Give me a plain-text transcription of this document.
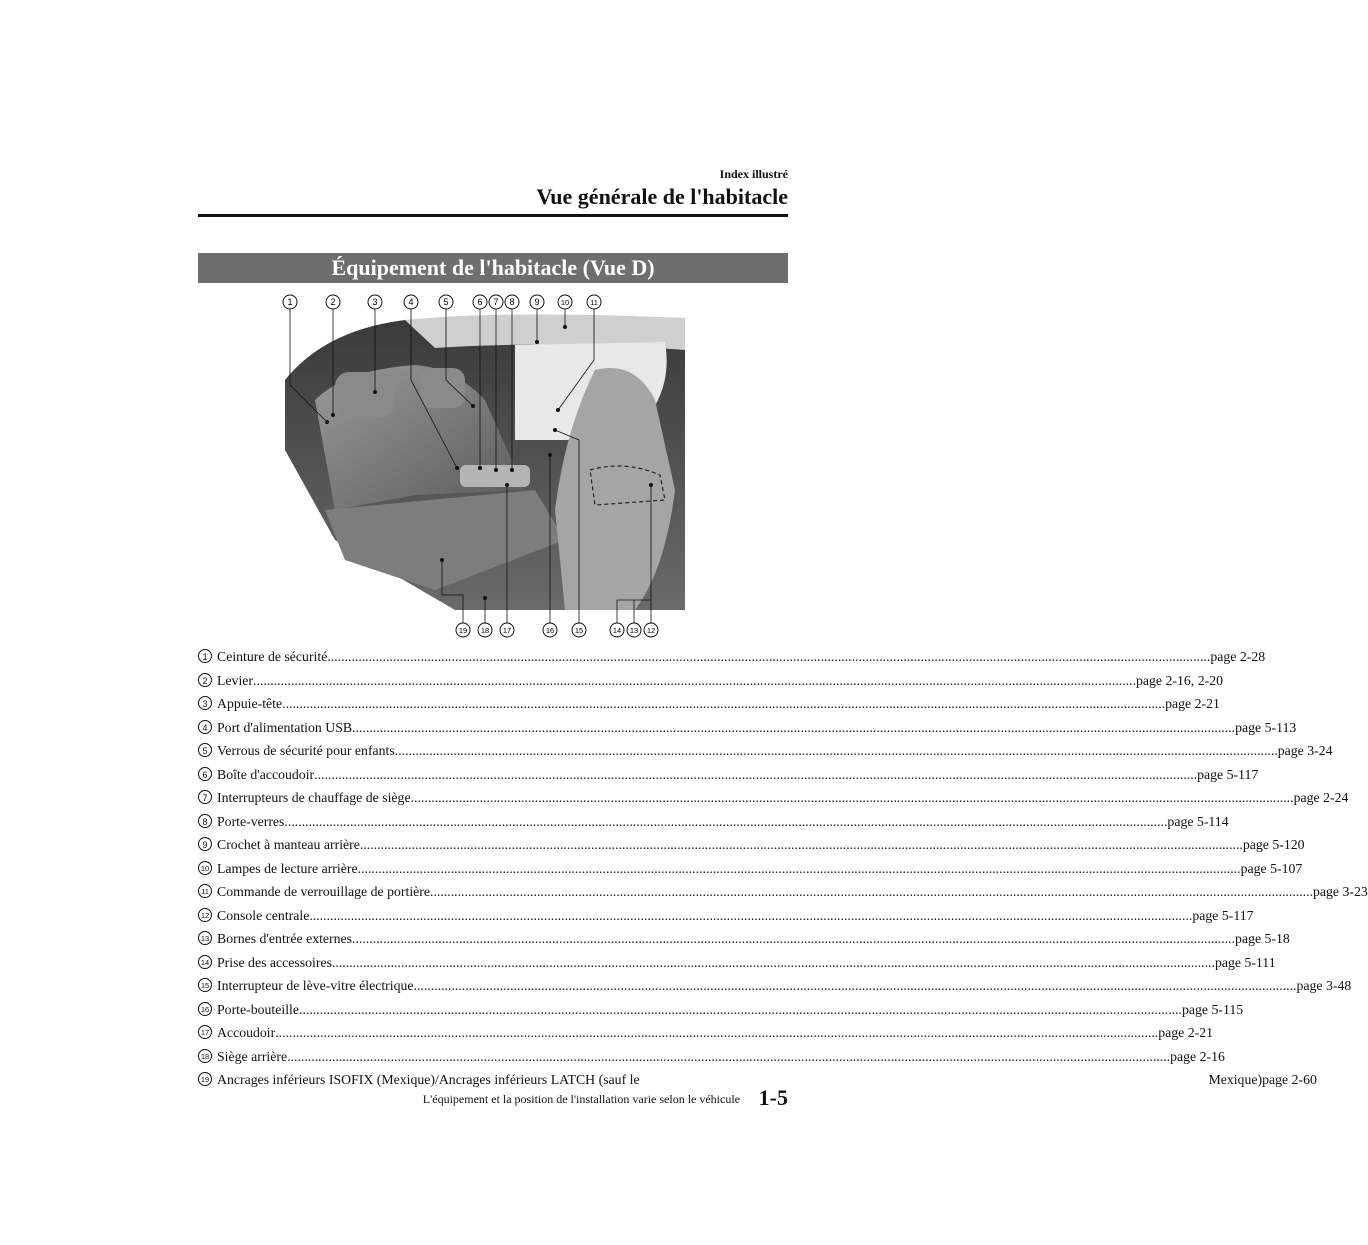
Index illustré
Vue générale de l'habitacle
Équipement de l'habitacle (Vue D)
1	2	3	4	5	6 7 8 9	10	11
19 18 17	16	15	14 13 12
1 Ceinture de sécurité .....	page 2-28
2 Levier .....	page 2-16, 2-20
3 Appuie-tête .....	page 2-21
4 Port d'alimentation USB .....	page 5-113
5 Verrous de sécurité pour enfants .....	page 3-24
6 Boîte d'accoudoir .....	page 5-117
7 Interrupteurs de chauffage de siège .....	page 2-24
8 Porte-verres .....	page 5-114
9 Crochet à manteau arrière .....	page 5-120
10 Lampes de lecture arrière .....	page 5-107
11 Commande de verrouillage de portière .....	page 3-23
12 Console centrale .....	page 5-117
13 Bornes d'entrée externes .....	page 5-18
14 Prise des accessoires .....	page 5-111
15 Interrupteur de lève-vitre électrique .....	page 3-48
16 Porte-bouteille .....	page 5-115
17 Accoudoir .....	page 2-21
18 Siège arrière .....	page 2-16
19 Ancrages inférieurs ISOFIX (Mexique)/Ancrages inférieurs LATCH (sauf le	Mexique) page 2-60
L'équipement et la position de l'installation varie selon le véhicule 1-5
